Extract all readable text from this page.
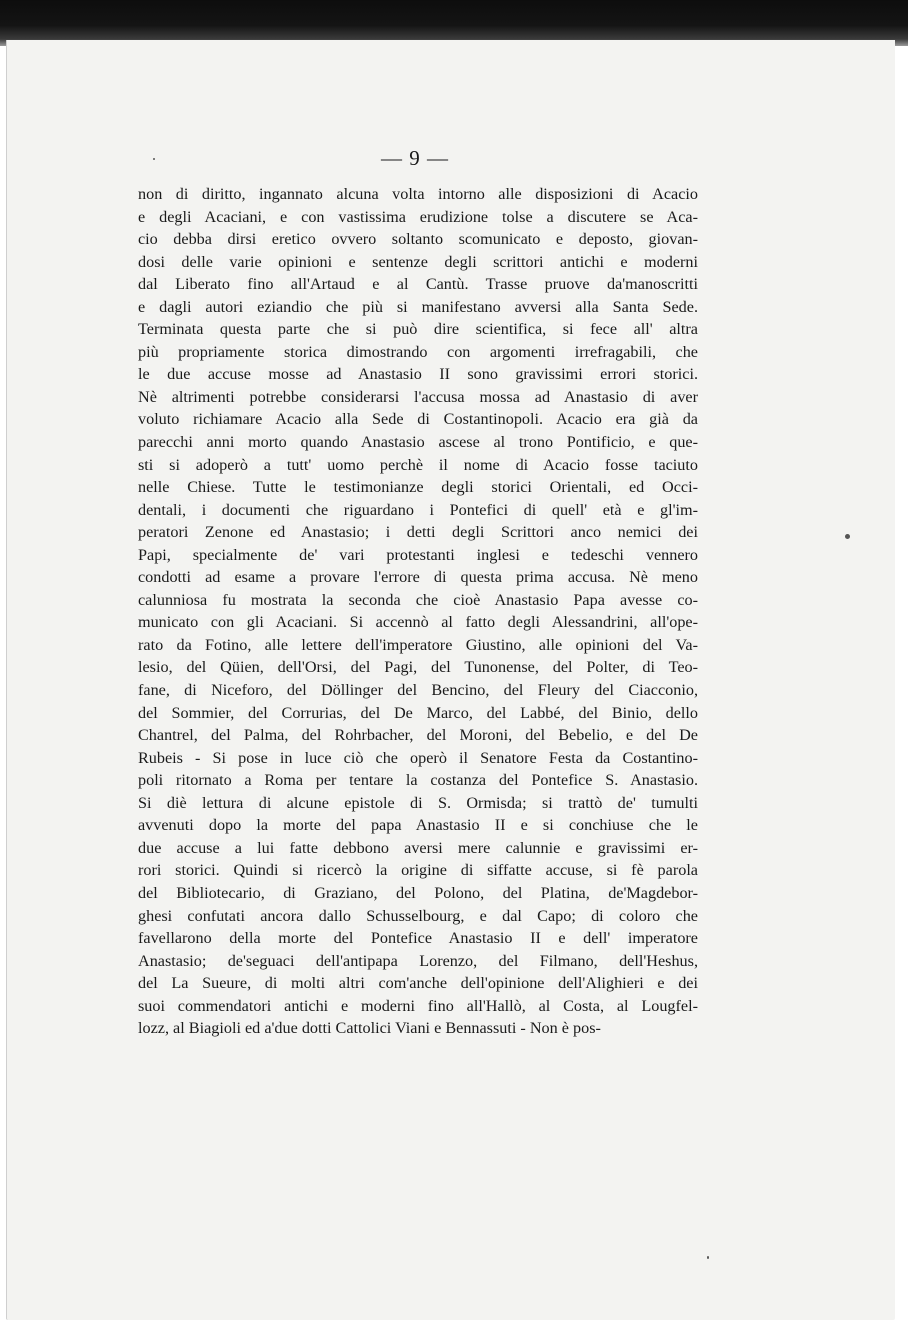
— 9 —
non di diritto, ingannato alcuna volta intorno alle disposizioni di Acacio
e degli Acaciani, e con vastissima erudizione tolse a discutere se Aca-
cio debba dirsi eretico ovvero soltanto scomunicato e deposto, giovan-
dosi delle varie opinioni e sentenze degli scrittori antichi e moderni
dal Liberato fino all'Artaud e al Cantù. Trasse pruove da'manoscritti
e dagli autori eziandio che più si manifestano avversi alla Santa Sede.
Terminata questa parte che si può dire scientifica, si fece all' altra
più propriamente storica dimostrando con argomenti irrefragabili, che
le due accuse mosse ad Anastasio II sono gravissimi errori storici.
Nè altrimenti potrebbe considerarsi l'accusa mossa ad Anastasio di aver
voluto richiamare Acacio alla Sede di Costantinopoli. Acacio era già da
parecchi anni morto quando Anastasio ascese al trono Pontificio, e que-
sti si adoperò a tutt' uomo perchè il nome di Acacio fosse taciuto
nelle Chiese. Tutte le testimonianze degli storici Orientali, ed Occi-
dentali, i documenti che riguardano i Pontefici di quell' età e gl'im-
peratori Zenone ed Anastasio; i detti degli Scrittori anco nemici dei
Papi, specialmente de' vari protestanti inglesi e tedeschi vennero
condotti ad esame a provare l'errore di questa prima accusa. Nè meno
calunniosa fu mostrata la seconda che cioè Anastasio Papa avesse co-
municato con gli Acaciani. Si accennò al fatto degli Alessandrini, all'ope-
rato da Fotino, alle lettere dell'imperatore Giustino, alle opinioni del Va-
lesio, del Qüien, dell'Orsi, del Pagi, del Tunonense, del Polter, di Teo-
fane, di Niceforo, del Döllinger del Bencino, del Fleury del Ciacconio,
del Sommier, del Corrurias, del De Marco, del Labbé, del Binio, dello
Chantrel, del Palma, del Rohrbacher, del Moroni, del Bebelio, e del De
Rubeis - Si pose in luce ciò che operò il Senatore Festa da Costantino-
poli ritornato a Roma per tentare la costanza del Pontefice S. Anastasio.
Si diè lettura di alcune epistole di S. Ormisda; si trattò de' tumulti
avvenuti dopo la morte del papa Anastasio II e si conchiuse che le
due accuse a lui fatte debbono aversi mere calunnie e gravissimi er-
rori storici. Quindi si ricercò la origine di siffatte accuse, si fè parola
del Bibliotecario, di Graziano, del Polono, del Platina, de'Magdebor-
ghesi confutati ancora dallo Schusselbourg, e dal Capo; di coloro che
favellarono della morte del Pontefice Anastasio II e dell' imperatore
Anastasio; de'seguaci dell'antipapa Lorenzo, del Filmano, dell'Heshus,
del La Sueure, di molti altri com'anche dell'opinione dell'Alighieri e dei
suoi commendatori antichi e moderni fino all'Hallò, al Costa, al Lougfel-
lozz, al Biagioli ed a'due dotti Cattolici Viani e Bennassuti - Non è pos-
